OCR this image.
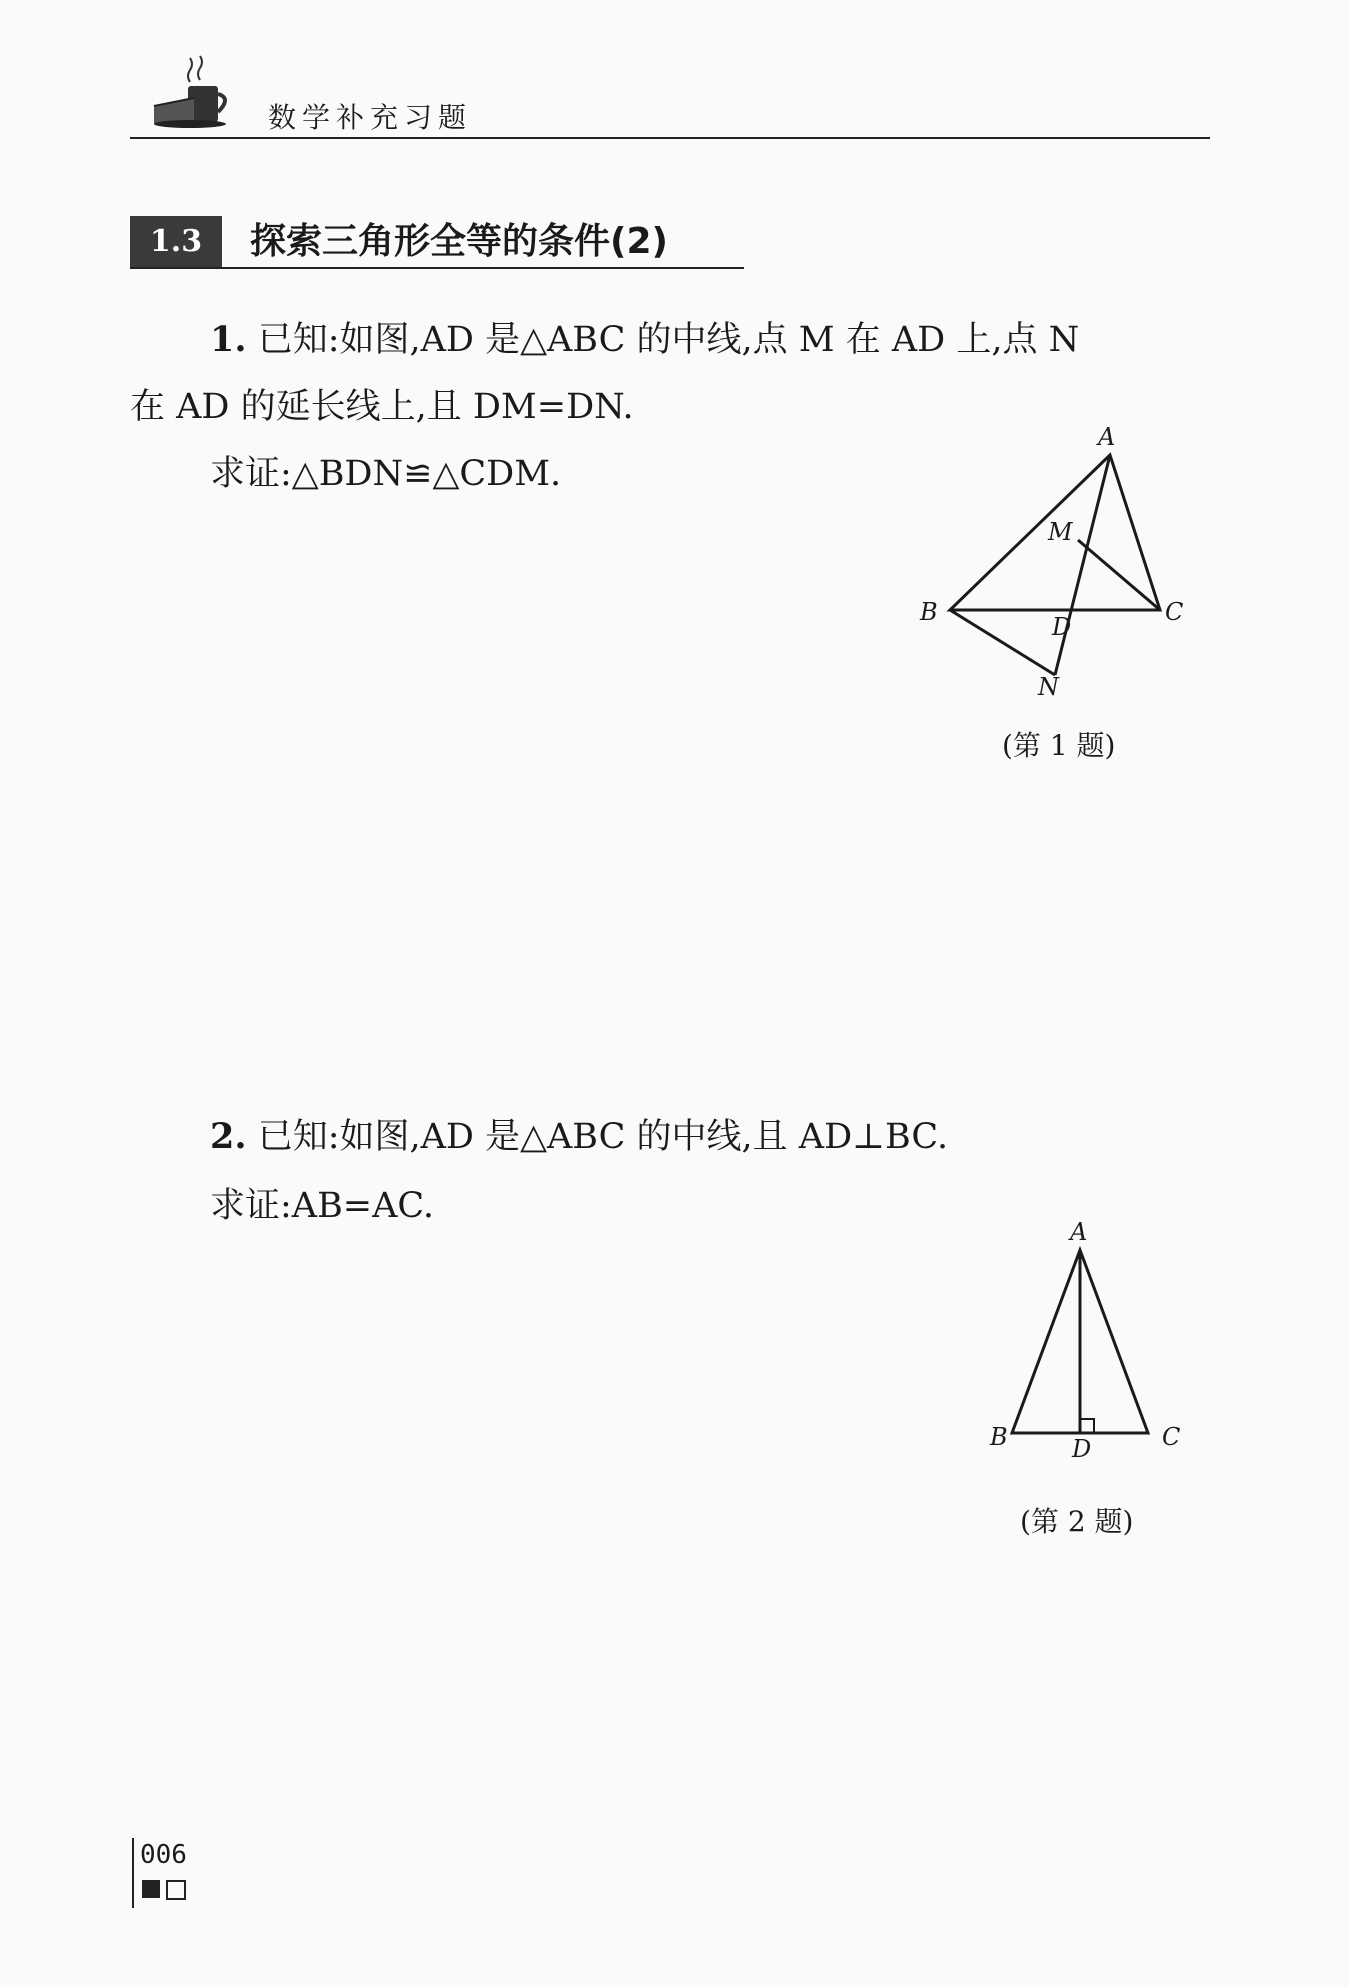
数学补充习题
1.3	探索三角形全等的条件(2)
1. 已知:如图,AD 是△ABC 的中线,点 M 在 AD 上,点 N
在 AD 的延长线上,且 DM=DN.
求证:△BDN≌△CDM.
A
M
B
D
C
N
(第 1 题)
2. 已知:如图,AD 是△ABC 的中线,且 AD⊥BC.
求证:AB=AC.
A
B	D	C
(第 2 题)
006
